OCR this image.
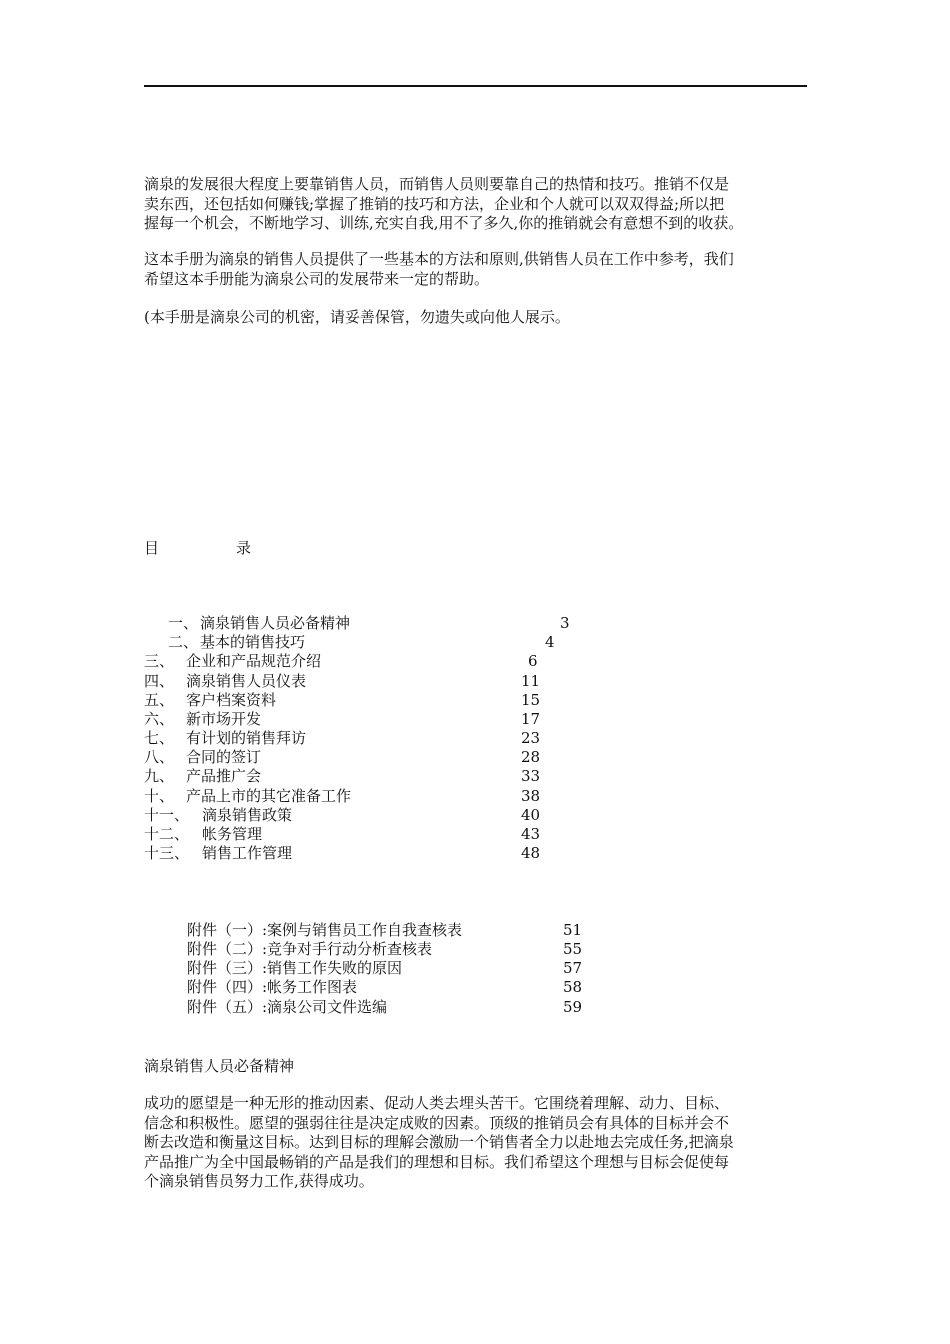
滴泉的发展很大程度上要靠销售人员，而销售人员则要靠自己的热情和技巧。推销不仅是
卖东西，还包括如何赚钱;掌握了推销的技巧和方法，企业和个人就可以双双得益;所以把
握每一个机会，不断地学习、训练,充实自我,用不了多久,你的推销就会有意想不到的收获。

这本手册为滴泉的销售人员提供了一些基本的方法和原则,供销售人员在工作中参考，我们
希望这本手册能为滴泉公司的发展带来一定的帮助。

(本手册是滴泉公司的机密，请妥善保管，勿遗失或向他人展示。

目	录
一、 滴泉销售人员必备精神	3
二、 基本的销售技巧	4
三、 企业和产品规范介绍	6
四、 滴泉销售人员仪表	11
五、 客户档案资料	15
六、 新市场开发	17
七、 有计划的销售拜访	23
八、 合同的签订	28
九、 产品推广会	33
十、 产品上市的其它准备工作	38
十一、 滴泉销售政策	40
十二、 帐务管理	43
十三、 销售工作管理	48
附件（一）:案例与销售员工作自我查核表	51
附件（二）:竞争对手行动分析查核表	55
附件（三）:销售工作失败的原因	57
附件（四）:帐务工作图表	58
附件（五）:滴泉公司文件选编	59
滴泉销售人员必备精神

成功的愿望是一种无形的推动因素、促动人类去埋头苦干。它围绕着理解、动力、目标、
信念和积极性。愿望的强弱往往是决定成败的因素。顶级的推销员会有具体的目标并会不
断去改造和衡量这目标。达到目标的理解会激励一个销售者全力以赴地去完成任务,把滴泉
产品推广为全中国最畅销的产品是我们的理想和目标。我们希望这个理想与目标会促使每
个滴泉销售员努力工作,获得成功。
